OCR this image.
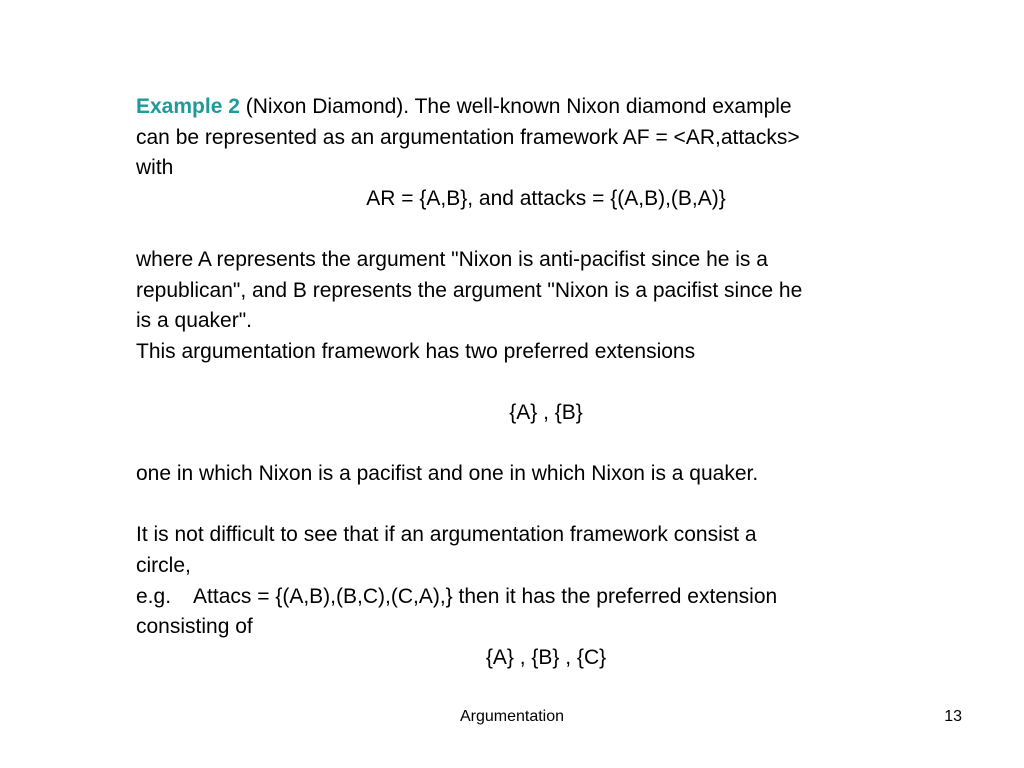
Example 2 (Nixon Diamond). The well-known Nixon diamond example
can be represented as an argumentation framework AF = <AR,attacks>
with
AR = {A,B}, and attacks = {(A,B),(B,A)}
where A represents the argument "Nixon is anti-pacifist since he is a
republican", and B represents the argument "Nixon is a pacifist since he
is a quaker".
This argumentation framework has two preferred extensions
{A} , {B}
one in which Nixon is a pacifist and one in which Nixon is a quaker.
It is not difficult to see that if an argumentation framework consist a
circle,
e.g. Attacs = {(A,B),(B,C),(C,A),} then it has the preferred extension
consisting of
{A} , {B} , {C}
Argumentation	13
